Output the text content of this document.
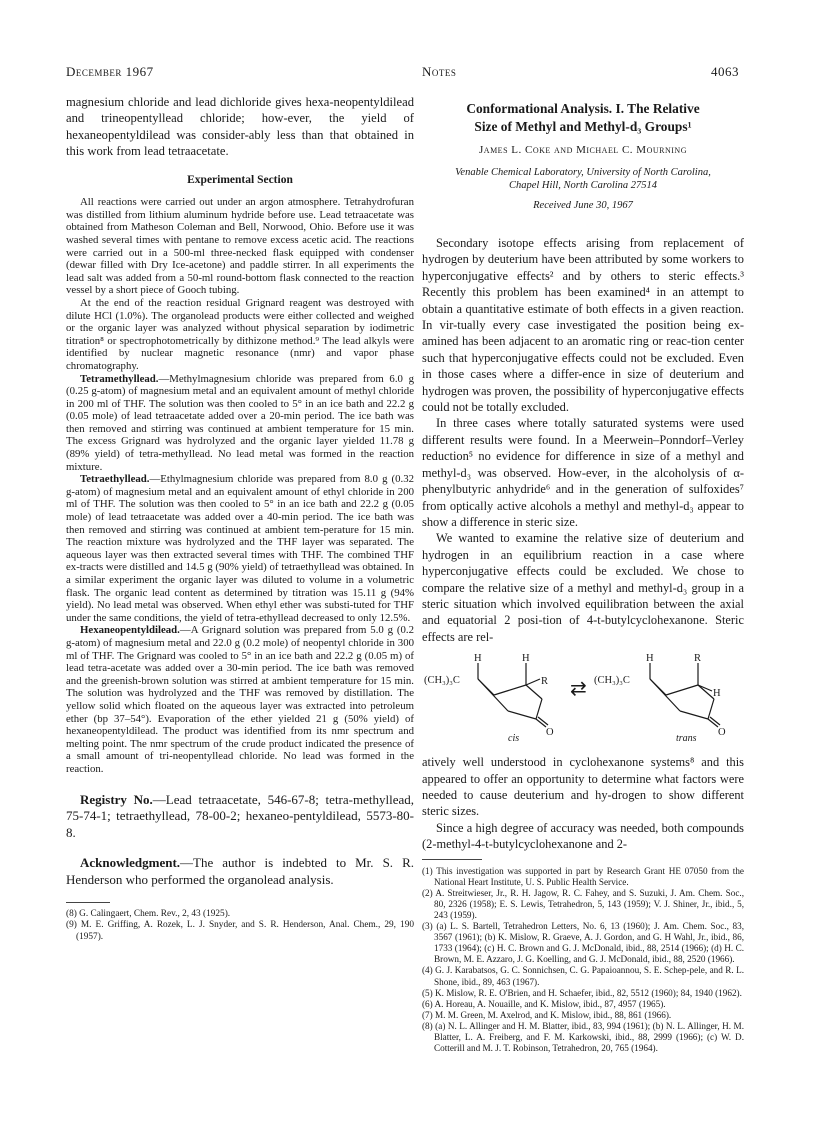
December 1967	Notes	4063

magnesium chloride and lead dichloride gives hexa-neopentyldilead and trineopentyllead chloride; how-ever, the yield of hexaneopentyldilead was consider-ably less than that obtained in this work from lead tetraacetate.

Experimental Section

All reactions were carried out under an argon atmosphere. Tetrahydrofuran was distilled from lithium aluminum hydride before use. Lead tetraacetate was obtained from Matheson Coleman and Bell, Norwood, Ohio. Before use it was washed several times with pentane to remove excess acetic acid. The reactions were carried out in a 500-ml three-necked flask equipped with condenser (dewar filled with Dry Ice-acetone) and paddle stirrer. In all experiments the lead salt was added from a 50-ml round-bottom flask connected to the reaction vessel by a short piece of Gooch tubing.

At the end of the reaction residual Grignard reagent was destroyed with dilute HCl (1.0%). The organolead products were either collected and weighed or the organic layer was analyzed without physical separation by iodimetric titration⁸ or spectrophotometrically by dithizone method.⁹ The lead alkyls were identified by nuclear magnetic resonance (nmr) and vapor phase chromatography.

Tetramethyllead.—Methylmagnesium chloride was prepared from 6.0 g (0.25 g-atom) of magnesium metal and an equivalent amount of methyl chloride in 200 ml of THF. The solution was then cooled to 5° in an ice bath and 22.2 g (0.05 mole) of lead tetraacetate added over a 20-min period. The ice bath was then removed and stirring was continued at ambient temperature for 15 min. The excess Grignard was hydrolyzed and the organic layer yielded 11.78 g (89% yield) of tetra-methyllead. No lead metal was formed in the reaction mixture.

Tetraethyllead.—Ethylmagnesium chloride was prepared from 8.0 g (0.32 g-atom) of magnesium metal and an equivalent amount of ethyl chloride in 200 ml of THF. The solution was then cooled to 5° in an ice bath and 22.2 g (0.05 mole) of lead tetraacetate was added over a 40-min period. The ice bath was then removed and stirring was continued at ambient tem-perature for 15 min. The reaction mixture was hydrolyzed and the THF layer was separated. The aqueous layer was then extracted several times with THF. The combined THF ex-tracts were distilled and 14.5 g (90% yield) of tetraethyllead was obtained. In a similar experiment the organic layer was diluted to volume in a volumetric flask. The organic lead content as determined by titration was 15.11 g (94% yield). No lead metal was observed. When ethyl ether was substi-tuted for THF under the same conditions, the yield of tetra-ethyllead decreased to only 12.5%.

Hexaneopentyldilead.—A Grignard solution was prepared from 5.0 g (0.2 g-atom) of magnesium metal and 22.0 g (0.2 mole) of neopentyl chloride in 300 ml of THF. The Grignard was cooled to 5° in an ice bath and 22.2 g (0.05 m) of lead tetra-acetate was added over a 30-min period. The ice bath was removed and the greenish-brown solution was stirred at ambient temperature for 15 min. The solution was hydrolyzed and the THF was removed by distillation. The yellow solid which floated on the aqueous layer was extracted into petroleum ether (bp 37–54°). Evaporation of the ether yielded 21 g (50% yield) of hexaneopentyldilead. The product was identified from its nmr spectrum and melting point. The nmr spectrum of the crude product indicated the presence of a small amount of tri-neopentyllead chloride. No lead was formed in the reaction.

Registry No.—Lead tetraacetate, 546-67-8; tetra-methyllead, 75-74-1; tetraethyllead, 78-00-2; hexaneo-pentyldilead, 5573-80-8.

Acknowledgment.—The author is indebted to Mr. S. R. Henderson who performed the organolead analysis.

(8) G. Calingaert, Chem. Rev., 2, 43 (1925).

(9) M. E. Griffing, A. Rozek, L. J. Snyder, and S. R. Henderson, Anal. Chem., 29, 190 (1957).

Conformational Analysis. I. The Relative
Size of Methyl and Methyl-d₃ Groups¹
James L. Coke and Michael C. Mourning

Venable Chemical Laboratory, University of North Carolina,

Chapel Hill, North Carolina 27514

Received June 30, 1967

Secondary isotope effects arising from replacement of hydrogen by deuterium have been attributed by some workers to hyperconjugative effects² and by others to steric effects.³ Recently this problem has been examined⁴ in an attempt to obtain a quantitative estimate of both effects in a given reaction. In vir-tually every case investigated the position being ex-amined has been adjacent to an aromatic ring or reac-tion center such that hyperconjugative effects could not be excluded. Even in those cases where a differ-ence in size of deuterium and hydrogen was proven, the possibility of hyperconjugative effects could not be totally excluded.

In three cases where totally saturated systems were used different results were found. In a Meerwein–Ponndorf–Verley reduction⁵ no evidence for difference in size of a methyl and methyl-d₃ was observed. How-ever, in the alcoholysis of α-phenylbutyric anhydride⁶ and in the generation of sulfoxides⁷ from optically active alcohols a methyl and methyl-d₃ appear to show a difference in steric size.

We wanted to examine the relative size of deuterium and hydrogen in an equilibrium reaction in a case where hyperconjugative effects could be excluded. We chose to compare the relative size of a methyl and methyl-d₃ group in a steric situation which involved equilibration between the axial and equatorial 2 posi-tion of 4-t-butylcyclohexanone. Steric effects are rel-

(CH₃)₃C
H	H
R
O
cis
⇄ (CH₃)₃C
H	R
H
O
trans

atively well understood in cyclohexanone systems⁸ and this appeared to offer an opportunity to determine what factors were needed to cause deuterium and hy-drogen to show different steric sizes.

Since a high degree of accuracy was needed, both compounds (2-methyl-4-t-butylcyclohexanone and 2-

(1) This investigation was supported in part by Research Grant HE 07050 from the National Heart Institute, U. S. Public Health Service.

(2) A. Streitwieser, Jr., R. H. Jagow, R. C. Fahey, and S. Suzuki, J. Am. Chem. Soc., 80, 2326 (1958); E. S. Lewis, Tetrahedron, 5, 143 (1959); V. J. Shiner, Jr., ibid., 5, 243 (1959).

(3) (a) L. S. Bartell, Tetrahedron Letters, No. 6, 13 (1960); J. Am. Chem. Soc., 83, 3567 (1961); (b) K. Mislow, R. Graeve, A. J. Gordon, and G. H Wahl, Jr., ibid., 86, 1733 (1964); (c) H. C. Brown and G. J. McDonald, ibid., 88, 2514 (1966); (d) H. C. Brown, M. E. Azzaro, J. G. Koelling, and G. J. McDonald, ibid., 88, 2520 (1966).

(4) G. J. Karabatsos, G. C. Sonnichsen, C. G. Papaioannou, S. E. Schep-pele, and R. L. Shone, ibid., 89, 463 (1967).

(5) K. Mislow, R. E. O'Brien, and H. Schaefer, ibid., 82, 5512 (1960); 84, 1940 (1962).

(6) A. Horeau, A. Nouaille, and K. Mislow, ibid., 87, 4957 (1965).

(7) M. M. Green, M. Axelrod, and K. Mislow, ibid., 88, 861 (1966).

(8) (a) N. L. Allinger and H. M. Blatter, ibid., 83, 994 (1961); (b) N. L. Allinger, H. M. Blatter, L. A. Freiberg, and F. M. Karkowski, ibid., 88, 2999 (1966); (c) W. D. Cotterill and M. J. T. Robinson, Tetrahedron, 20, 765 (1964).
